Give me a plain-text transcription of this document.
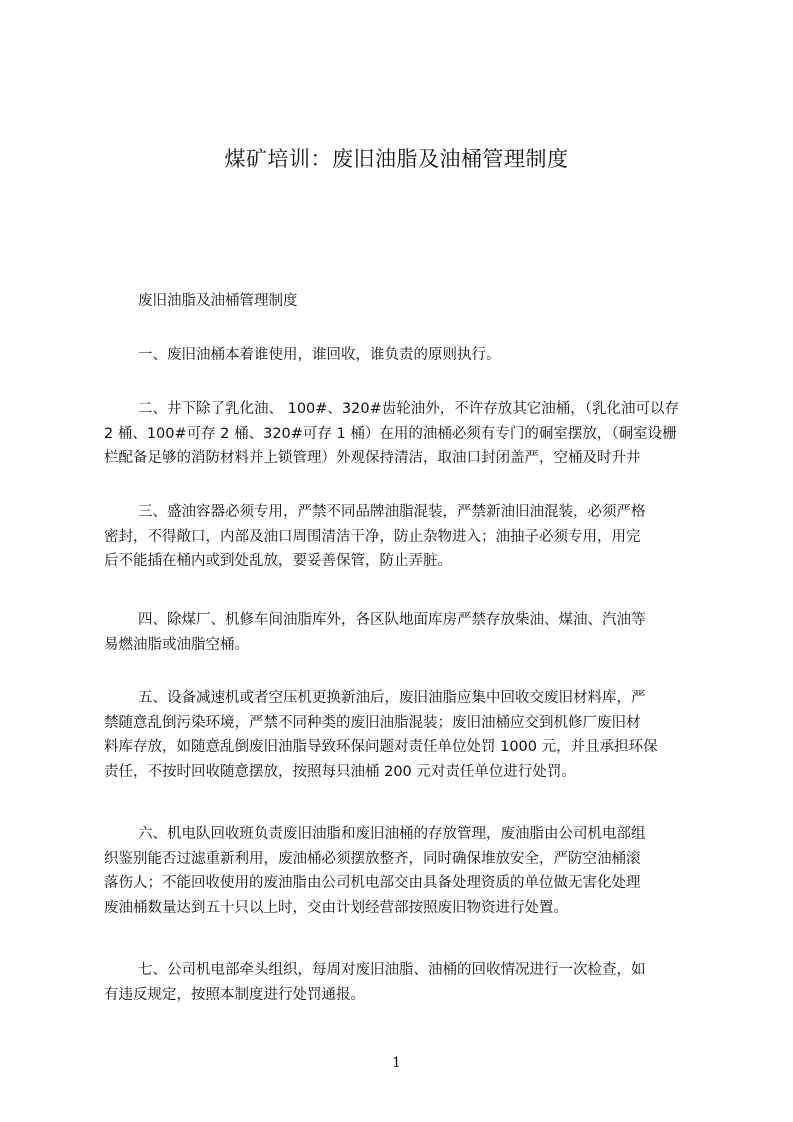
煤矿培训：废旧油脂及油桶管理制度
废旧油脂及油桶管理制度
一、废旧油桶本着谁使用，谁回收，谁负责的原则执行。
二、井下除了乳化油、 100#、320#齿轮油外，不许存放其它油桶，（乳化油可以存
2 桶、100#可存 2 桶、320#可存 1 桶）在用的油桶必须有专门的硐室摆放，（硐室设栅
栏配备足够的消防材料并上锁管理）外观保持清洁，取油口封闭盖严，空桶及时升井
三、盛油容器必须专用，严禁不同品牌油脂混装，严禁新油旧油混装，必须严格
密封，不得敞口，内部及油口周围清洁干净，防止杂物进入；油抽子必须专用，用完
后不能插在桶内或到处乱放，要妥善保管，防止弄脏。
四、除煤厂、机修车间油脂库外，各区队地面库房严禁存放柴油、煤油、汽油等
易燃油脂或油脂空桶。
五、设备减速机或者空压机更换新油后，废旧油脂应集中回收交废旧材料库，严
禁随意乱倒污染环境，严禁不同种类的废旧油脂混装；废旧油桶应交到机修厂废旧材
料库存放，如随意乱倒废旧油脂导致环保问题对责任单位处罚 1000 元，并且承担环保
责任，不按时回收随意摆放，按照每只油桶 200 元对责任单位进行处罚。
六、机电队回收班负责废旧油脂和废旧油桶的存放管理，废油脂由公司机电部组
织鉴别能否过滤重新利用，废油桶必须摆放整齐，同时确保堆放安全，严防空油桶滚
落伤人；不能回收使用的废油脂由公司机电部交由具备处理资质的单位做无害化处理
废油桶数量达到五十只以上时，交由计划经营部按照废旧物资进行处置。
七、公司机电部牵头组织，每周对废旧油脂、油桶的回收情况进行一次检查，如
有违反规定，按照本制度进行处罚通报。
1
